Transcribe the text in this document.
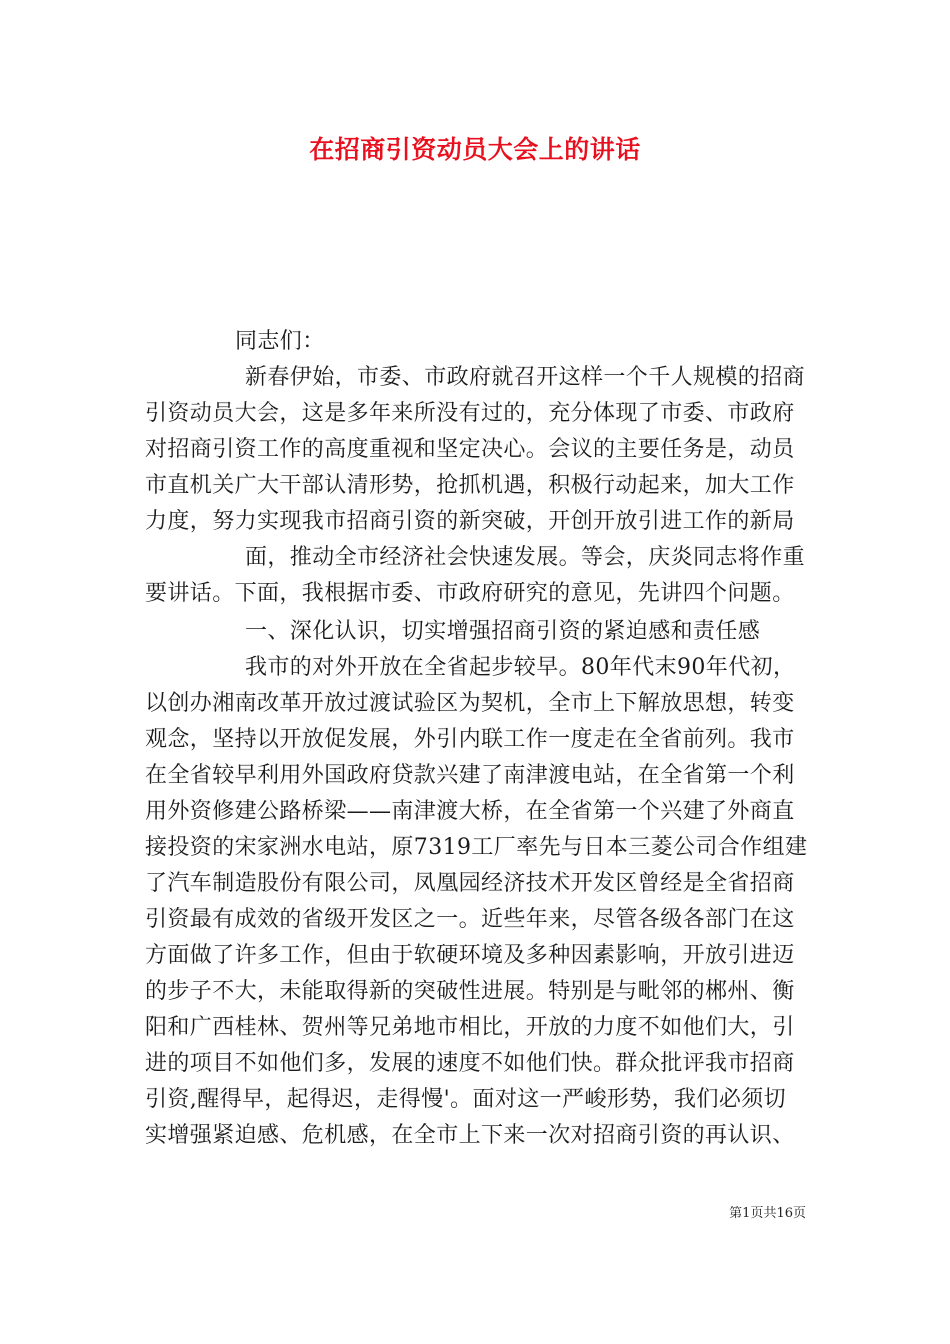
在招商引资动员大会上的讲话
同志们：
新春伊始，市委、市政府就召开这样一个千人规模的招商
引资动员大会，这是多年来所没有过的，充分体现了市委、市政府
对招商引资工作的高度重视和坚定决心。会议的主要任务是，动员
市直机关广大干部认清形势，抢抓机遇，积极行动起来，加大工作
力度，努力实现我市招商引资的新突破，开创开放引进工作的新局
面，推动全市经济社会快速发展。等会，庆炎同志将作重
要讲话。下面，我根据市委、市政府研究的意见，先讲四个问题。
一、深化认识，切实增强招商引资的紧迫感和责任感
我市的对外开放在全省起步较早。80年代末90年代初，
以创办湘南改革开放过渡试验区为契机，全市上下解放思想，转变
观念，坚持以开放促发展，外引内联工作一度走在全省前列。我市
在全省较早利用外国政府贷款兴建了南津渡电站，在全省第一个利
用外资修建公路桥梁——南津渡大桥，在全省第一个兴建了外商直
接投资的宋家洲水电站，原7319工厂率先与日本三菱公司合作组建
了汽车制造股份有限公司，凤凰园经济技术开发区曾经是全省招商
引资最有成效的省级开发区之一。近些年来，尽管各级各部门在这
方面做了许多工作，但由于软硬环境及多种因素影响，开放引进迈
的步子不大，未能取得新的突破性进展。特别是与毗邻的郴州、衡
阳和广西桂林、贺州等兄弟地市相比，开放的力度不如他们大，引
进的项目不如他们多，发展的速度不如他们快。群众批评我市招商
引资,醒得早，起得迟，走得慢'。面对这一严峻形势，我们必须切
实增强紧迫感、危机感，在全市上下来一次对招商引资的再认识、
第1页共16页
